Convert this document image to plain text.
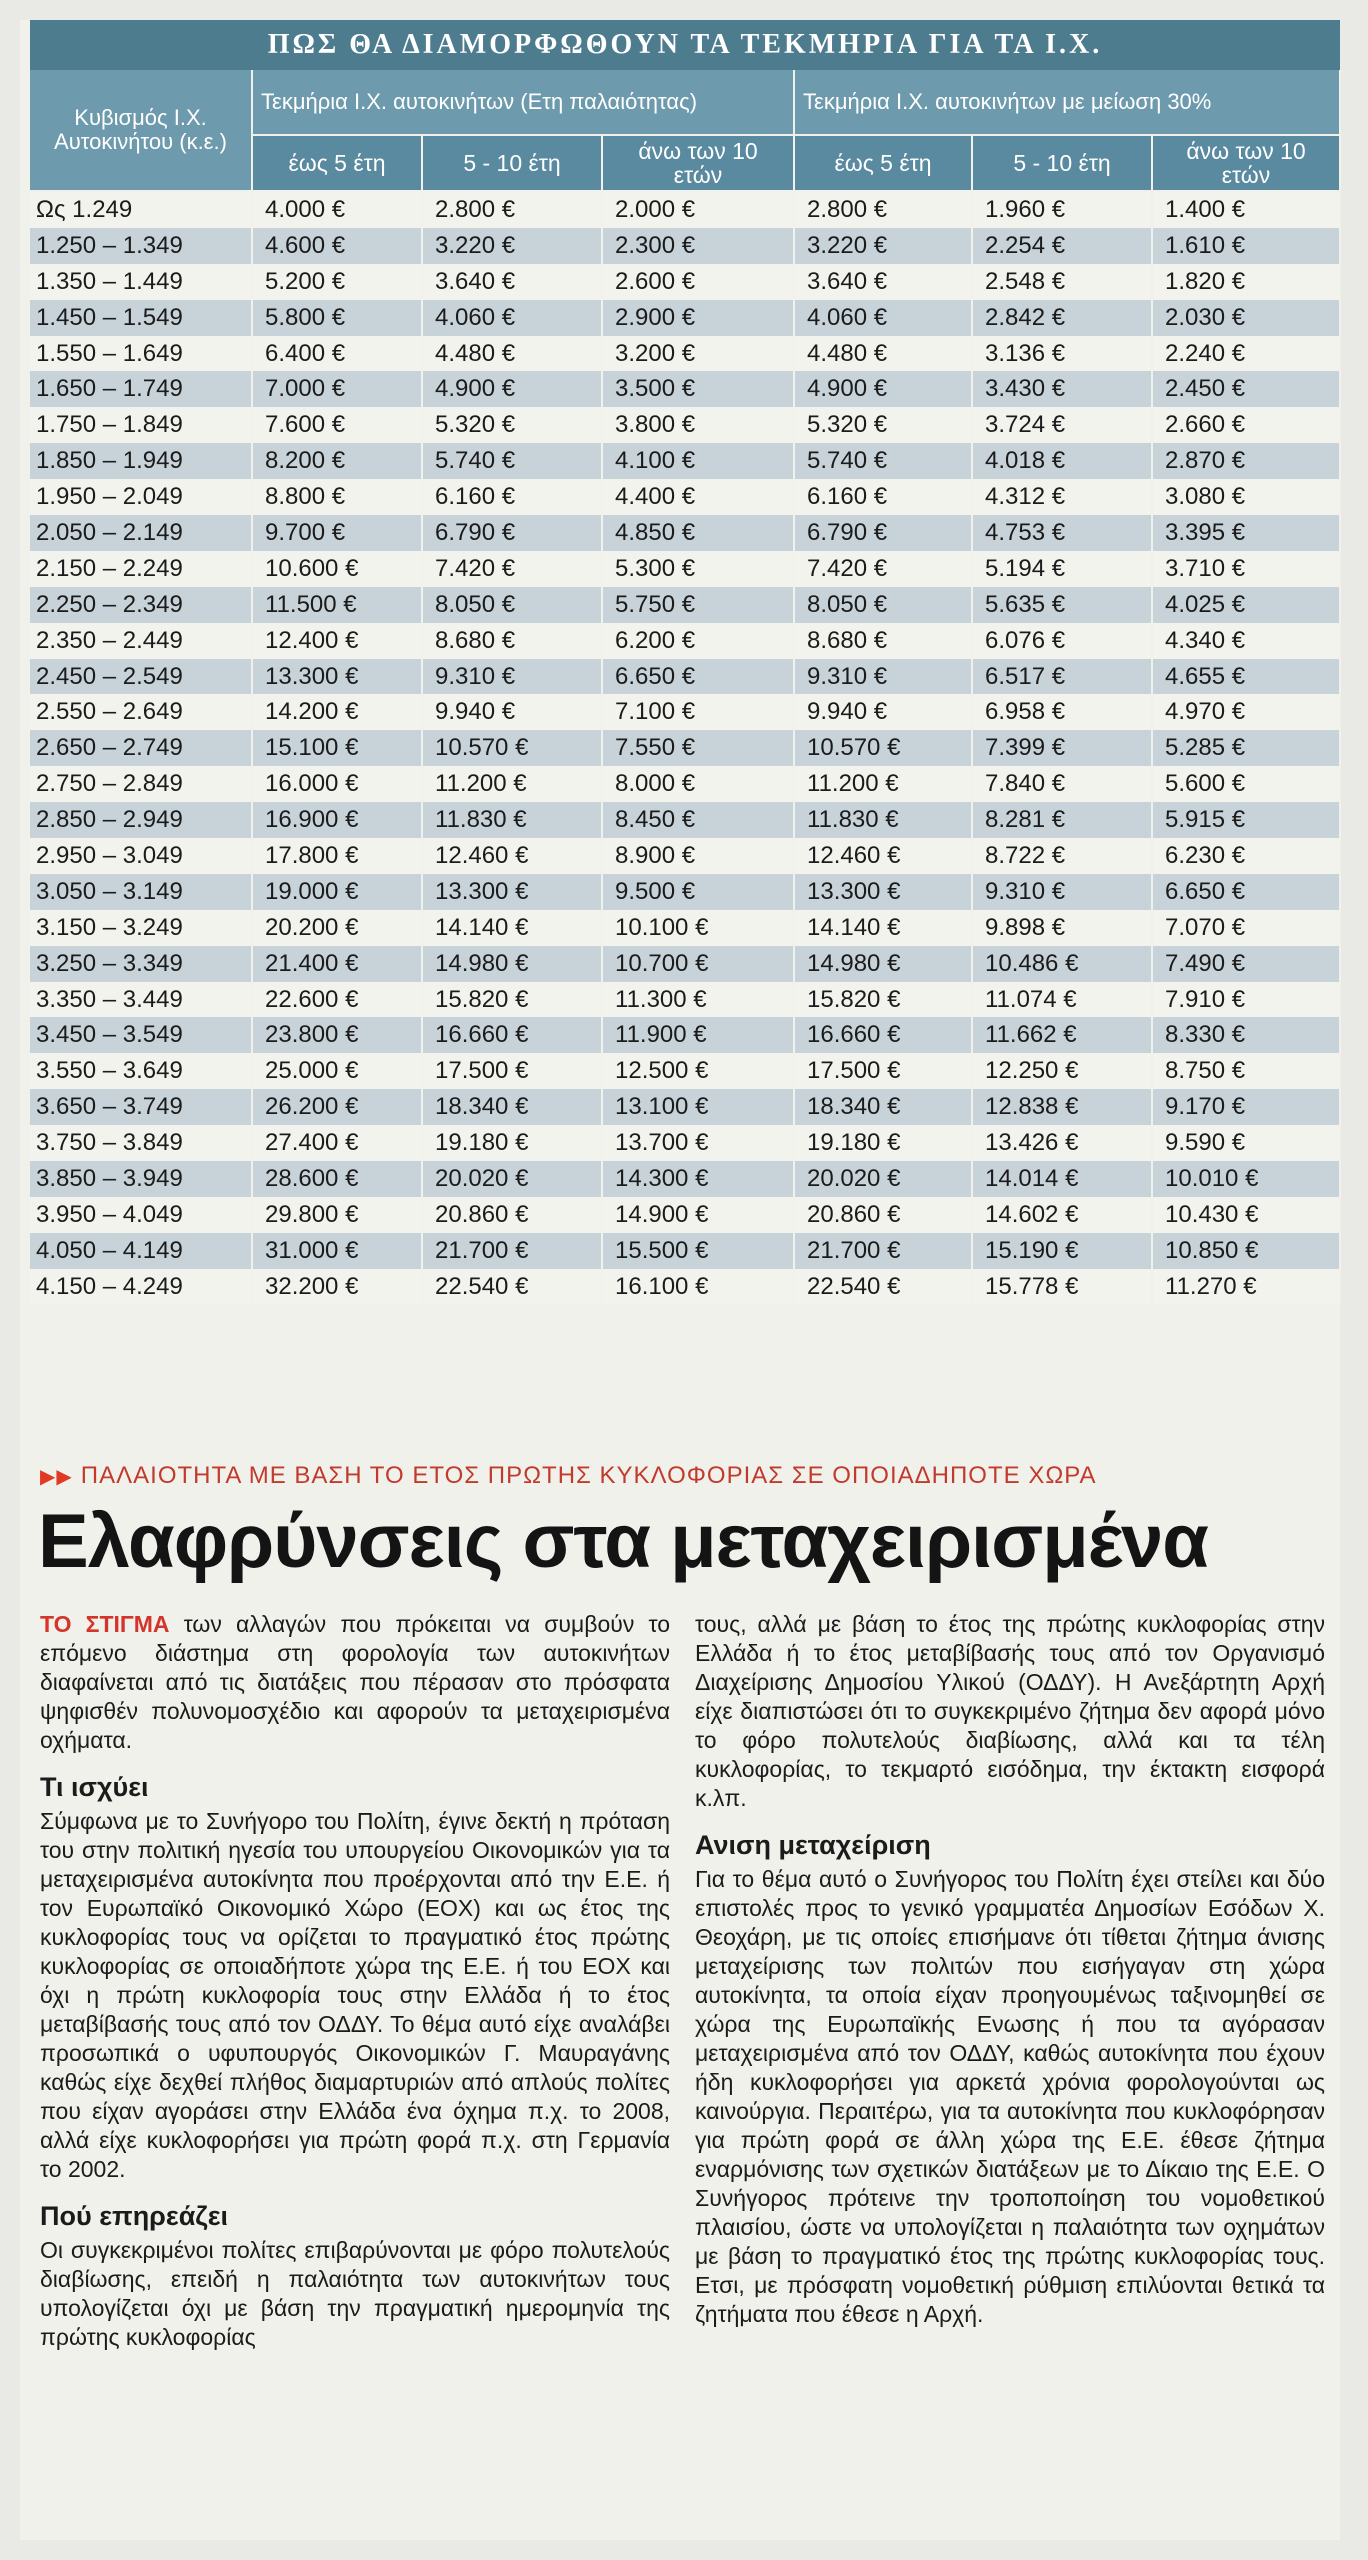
ΠΩΣ ΘΑ ΔΙΑΜΟΡΦΩΘΟΥΝ ΤΑ ΤΕΚΜΗΡΙΑ ΓΙΑ ΤΑ Ι.Χ.
Κυβισμός Ι.Χ. Αυτοκινήτου (κ.ε.)	Τεκμήρια Ι.Χ. αυτοκινήτων (Ετη παλαιότητας)			Τεκμήρια Ι.Χ. αυτοκινήτων με μείωση 30%		
	έως 5 έτη	5 - 10 έτη	άνω των 10 ετών	έως 5 έτη	5 - 10 έτη	άνω των 10 ετών
Ως 1.249	4.000 €	2.800 €	2.000 €	2.800 €	1.960 €	1.400 €
1.250 – 1.349	4.600 €	3.220 €	2.300 €	3.220 €	2.254 €	1.610 €
1.350 – 1.449	5.200 €	3.640 €	2.600 €	3.640 €	2.548 €	1.820 €
1.450 – 1.549	5.800 €	4.060 €	2.900 €	4.060 €	2.842 €	2.030 €
1.550 – 1.649	6.400 €	4.480 €	3.200 €	4.480 €	3.136 €	2.240 €
1.650 – 1.749	7.000 €	4.900 €	3.500 €	4.900 €	3.430 €	2.450 €
1.750 – 1.849	7.600 €	5.320 €	3.800 €	5.320 €	3.724 €	2.660 €
1.850 – 1.949	8.200 €	5.740 €	4.100 €	5.740 €	4.018 €	2.870 €
1.950 – 2.049	8.800 €	6.160 €	4.400 €	6.160 €	4.312 €	3.080 €
2.050 – 2.149	9.700 €	6.790 €	4.850 €	6.790 €	4.753 €	3.395 €
2.150 – 2.249	10.600 €	7.420 €	5.300 €	7.420 €	5.194 €	3.710 €
2.250 – 2.349	11.500 €	8.050 €	5.750 €	8.050 €	5.635 €	4.025 €
2.350 – 2.449	12.400 €	8.680 €	6.200 €	8.680 €	6.076 €	4.340 €
2.450 – 2.549	13.300 €	9.310 €	6.650 €	9.310 €	6.517 €	4.655 €
2.550 – 2.649	14.200 €	9.940 €	7.100 €	9.940 €	6.958 €	4.970 €
2.650 – 2.749	15.100 €	10.570 €	7.550 €	10.570 €	7.399 €	5.285 €
2.750 – 2.849	16.000 €	11.200 €	8.000 €	11.200 €	7.840 €	5.600 €
2.850 – 2.949	16.900 €	11.830 €	8.450 €	11.830 €	8.281 €	5.915 €
2.950 – 3.049	17.800 €	12.460 €	8.900 €	12.460 €	8.722 €	6.230 €
3.050 – 3.149	19.000 €	13.300 €	9.500 €	13.300 €	9.310 €	6.650 €
3.150 – 3.249	20.200 €	14.140 €	10.100 €	14.140 €	9.898 €	7.070 €
3.250 – 3.349	21.400 €	14.980 €	10.700 €	14.980 €	10.486 €	7.490 €
3.350 – 3.449	22.600 €	15.820 €	11.300 €	15.820 €	11.074 €	7.910 €
3.450 – 3.549	23.800 €	16.660 €	11.900 €	16.660 €	11.662 €	8.330 €
3.550 – 3.649	25.000 €	17.500 €	12.500 €	17.500 €	12.250 €	8.750 €
3.650 – 3.749	26.200 €	18.340 €	13.100 €	18.340 €	12.838 €	9.170 €
3.750 – 3.849	27.400 €	19.180 €	13.700 €	19.180 €	13.426 €	9.590 €
3.850 – 3.949	28.600 €	20.020 €	14.300 €	20.020 €	14.014 €	10.010 €
3.950 – 4.049	29.800 €	20.860 €	14.900 €	20.860 €	14.602 €	10.430 €
4.050 – 4.149	31.000 €	21.700 €	15.500 €	21.700 €	15.190 €	10.850 €
4.150 – 4.249	32.200 €	22.540 €	16.100 €	22.540 €	15.778 €	11.270 €
▶▶ ΠΑΛΑΙΟΤΗΤΑ ΜΕ ΒΑΣΗ ΤΟ ΕΤΟΣ ΠΡΩΤΗΣ ΚΥΚΛΟΦΟΡΙΑΣ ΣΕ ΟΠΟΙΑΔΗΠΟΤΕ ΧΩΡΑ
Ελαφρύνσεις στα μεταχειρισμένα

ΤΟ ΣΤΙΓΜΑ των αλλαγών που πρόκειται να συμβούν το επόμενο διάστημα στη φορολογία των αυτοκινήτων διαφαίνεται από τις διατάξεις που πέρασαν στο πρόσφατα ψηφισθέν πολυνομοσχέδιο και αφορούν τα μεταχειρισμένα οχήματα.

Τι ισχύει

Σύμφωνα με το Συνήγορο του Πολίτη, έγινε δεκτή η πρόταση του στην πολιτική ηγεσία του υπουργείου Οικονομικών για τα μεταχειρισμένα αυτοκίνητα που προέρχονται από την Ε.Ε. ή τον Ευρωπαϊκό Οικονομικό Χώρο (ΕΟΧ) και ως έτος της κυκλοφορίας τους να ορίζεται το πραγματικό έτος πρώτης κυκλοφορίας σε οποιαδήποτε χώρα της Ε.Ε. ή του ΕΟΧ και όχι η πρώτη κυκλοφορία τους στην Ελλάδα ή το έτος μεταβίβασής τους από τον ΟΔΔΥ. Το θέμα αυτό είχε αναλάβει προσωπικά ο υφυπουργός Οικονομικών Γ. Μαυραγάνης καθώς είχε δεχθεί πλήθος διαμαρτυριών από απλούς πολίτες που είχαν αγοράσει στην Ελλάδα ένα όχημα π.χ. το 2008, αλλά είχε κυκλοφορήσει για πρώτη φορά π.χ. στη Γερμανία το 2002.

Πού επηρεάζει

Οι συγκεκριμένοι πολίτες επιβαρύνονται με φόρο πολυτελούς διαβίωσης, επειδή η παλαιότητα των αυτοκινήτων τους υπολογίζεται όχι με βάση την πραγματική ημερομηνία της πρώτης κυκλοφορίας

τους, αλλά με βάση το έτος της πρώτης κυκλοφορίας στην Ελλάδα ή το έτος μεταβίβασής τους από τον Οργανισμό Διαχείρισης Δημοσίου Υλικού (ΟΔΔΥ). Η Ανεξάρτητη Αρχή είχε διαπιστώσει ότι το συγκεκριμένο ζήτημα δεν αφορά μόνο το φόρο πολυτελούς διαβίωσης, αλλά και τα τέλη κυκλοφορίας, το τεκμαρτό εισόδημα, την έκτακτη εισφορά κ.λπ.

Ανιση μεταχείριση

Για το θέμα αυτό ο Συνήγορος του Πολίτη έχει στείλει και δύο επιστολές προς το γενικό γραμματέα Δημοσίων Εσόδων Χ. Θεοχάρη, με τις οποίες επισήμανε ότι τίθεται ζήτημα άνισης μεταχείρισης των πολιτών που εισήγαγαν στη χώρα αυτοκίνητα, τα οποία είχαν προηγουμένως ταξινομηθεί σε χώρα της Ευρωπαϊκής Ενωσης ή που τα αγόρασαν μεταχειρισμένα από τον ΟΔΔΥ, καθώς αυτοκίνητα που έχουν ήδη κυκλοφορήσει για αρκετά χρόνια φορολογούνται ως καινούργια. Περαιτέρω, για τα αυτοκίνητα που κυκλοφόρησαν για πρώτη φορά σε άλλη χώρα της Ε.Ε. έθεσε ζήτημα εναρμόνισης των σχετικών διατάξεων με το Δίκαιο της Ε.Ε. Ο Συνήγορος πρότεινε την τροποποίηση του νομοθετικού πλαισίου, ώστε να υπολογίζεται η παλαιότητα των οχημάτων με βάση το πραγματικό έτος της πρώτης κυκλοφορίας τους. Ετσι, με πρόσφατη νομοθετική ρύθμιση επιλύονται θετικά τα ζητήματα που έθεσε η Αρχή.
